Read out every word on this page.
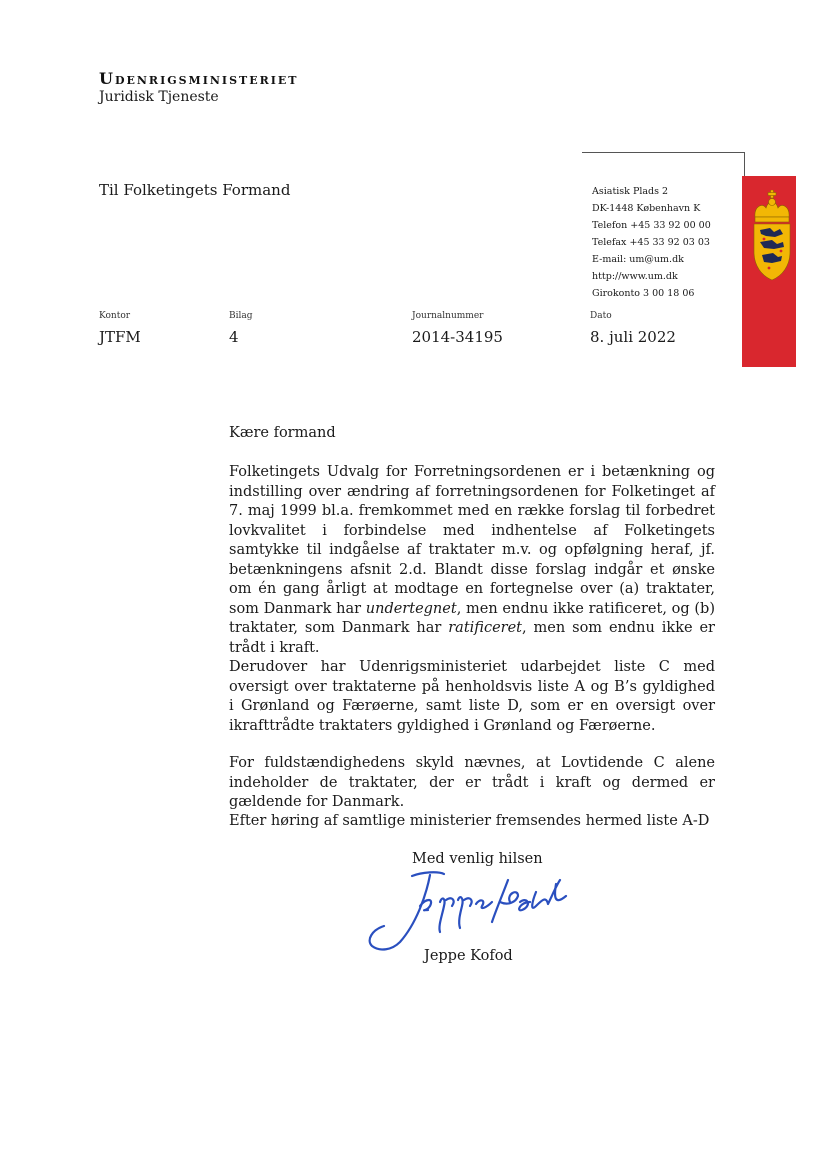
Udenrigsministeriet
Juridisk Tjeneste
Til Folketingets Formand	Asiatisk Plads 2
DK-1448 København K
Telefon +45 33 92 00 00
Telefax +45 33 92 03 03
E-mail: um@um.dk
http://www.um.dk
Girokonto 3 00 18 06
Kontor
JTFM
Bilag
4
Journalnummer
2014-34195
Dato
8. juli 2022
Kære formand
Folketingets Udvalg for Forretningsordenen er i betænkning og indstilling over ændring af forretningsordenen for Folketinget af 7. maj 1999 bl.a. fremkommet med en række forslag til forbedret lovkvalitet i forbindelse med indhentelse af Folketingets samtykke til indgåelse af traktater m.v. og opfølgning heraf, jf. betænkningens afsnit 2.d. Blandt disse forslag indgår et ønske om én gang årligt at modtage en fortegnelse over (a) traktater, som Danmark har undertegnet, men endnu ikke ratificeret, og (b) traktater, som Danmark har ratificeret, men som endnu ikke er trådt i kraft.
Derudover har Udenrigsministeriet udarbejdet liste C med oversigt over traktaterne på henholdsvis liste A og B’s gyldighed i Grønland og Færøerne, samt liste D, som er en oversigt over ikrafttrådte traktaters gyldighed i Grønland og Færøerne.
For fuldstændighedens skyld nævnes, at Lovtidende C alene indeholder de traktater, der er trådt i kraft og dermed er gældende for Danmark.
Efter høring af samtlige ministerier fremsendes hermed liste A-D
Med venlig hilsen
Jeppe Kofod
